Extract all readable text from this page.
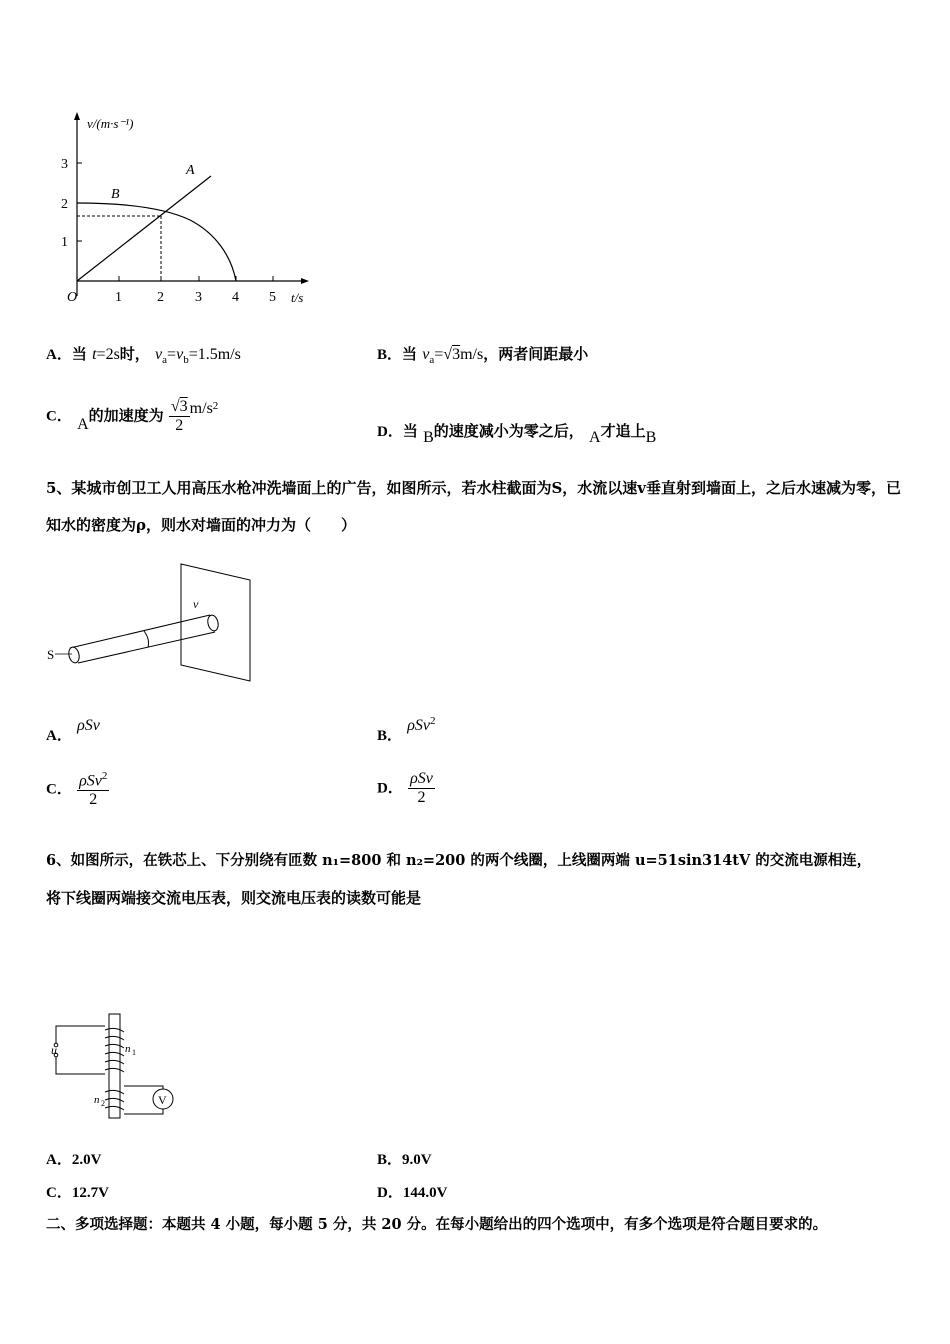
v/(m·s⁻¹)
t/s
O	1	2 3 4 5
1
2
3	A
B
A．当 t=2s时， $v_a=v_b=1.5m/s$	B．当 $v_a=√3m/s$，两者间距最小
C． A的加速度为 $\frac{√3}{2} m/s^2$
D．当 B的速度减小为零之后， A才追上B
5、某城市创卫工人用高压水枪冲洗墙面上的广告，如图所示，若水柱截面为S，水流以速v垂直射到墙面上，之后水速减为零，已知水的密度为ρ，则水对墙面的冲力为（　　）
S
v
A． ρSv
B． ρSv$^2$
C． $\frac{\rho Sv^2}{2}$	D． $\frac{\text{ρSv}}{2}$
6、如图所示，在铁芯上、下分别绕有匝数 n₁=800 和 n₂=200 的两个线圈，上线圈两端 u=51sin314tV 的交流电源相连，
将下线圈两端接交流电压表，则交流电压表的读数可能是
u	n 1
n 2	V
A．2.0V	B．9.0V
C．12.7V	D．144.0V
二、多项选择题：本题共 4 小题，每小题 5 分，共 20 分。在每小题给出的四个选项中，有多个选项是符合题目要求的。
